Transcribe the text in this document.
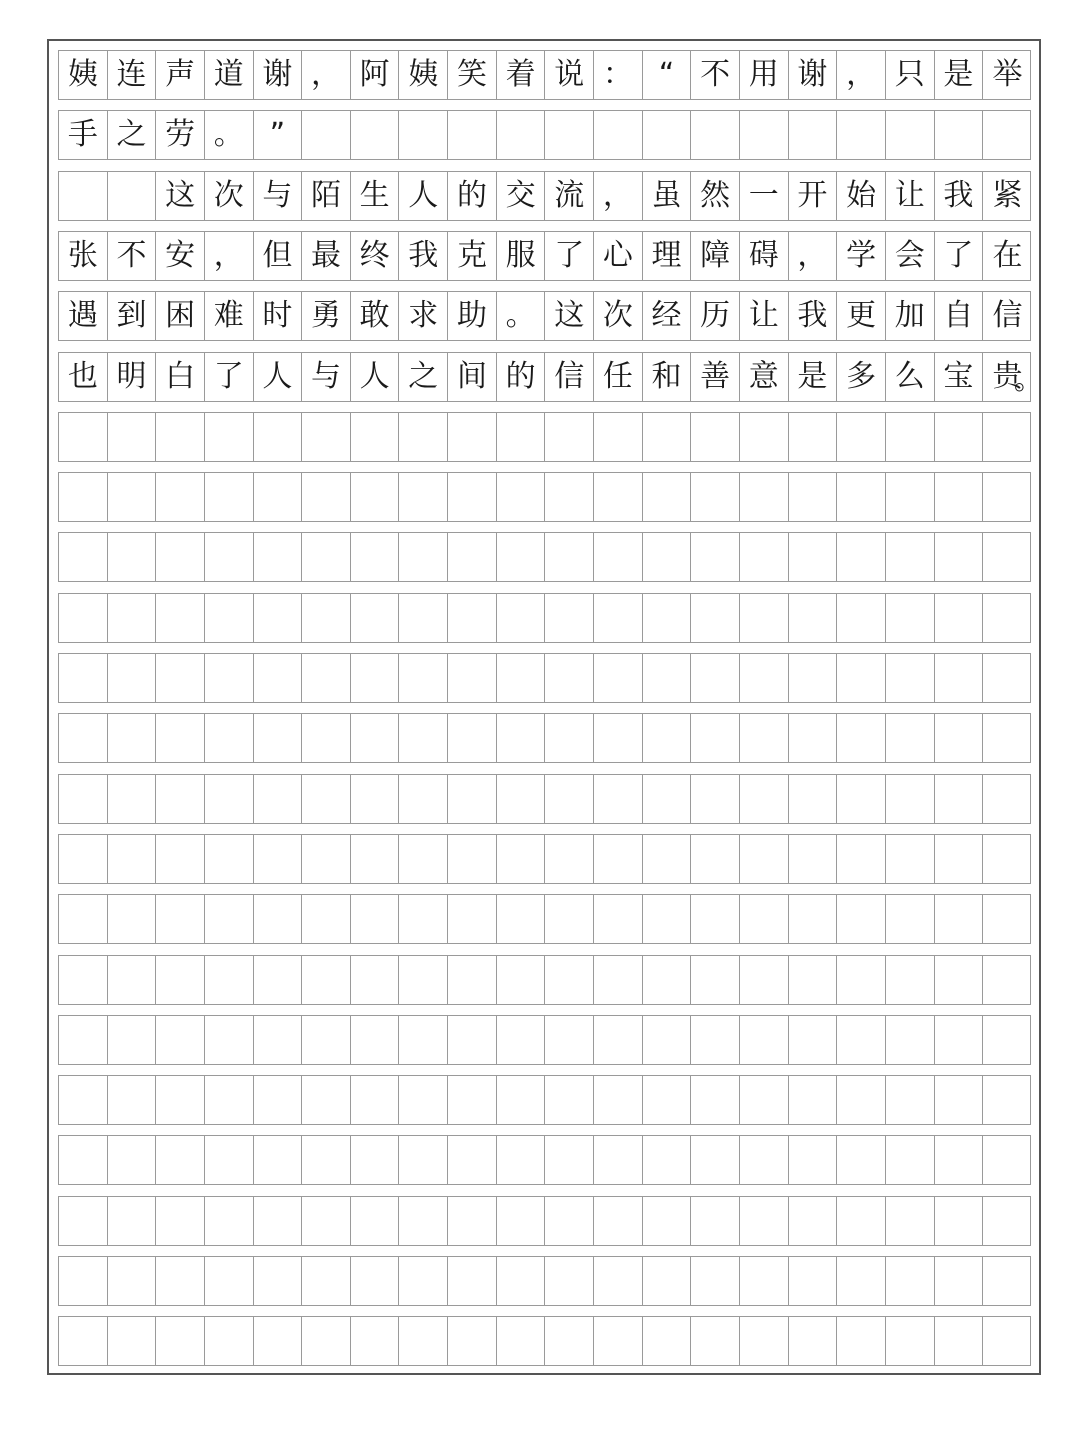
姨 连 声 道 谢 ， 阿 姨 笑 着 说 ： “ 不 用 谢 ， 只 是 举
手 之 劳 。 ”
这 次 与 陌 生 人 的 交 流 ， 虽 然 一 开 始 让 我 紧
张 不 安 ， 但 最 终 我 克 服 了 心 理 障 碍 ， 学 会 了 在
遇 到 困 难 时 勇 敢 求 助 。 这 次 经 历 让 我 更 加 自 信
也 明 白 了 人 与 人 之 间 的 信 任 和 善 意 是 多 么 宝 贵
。
